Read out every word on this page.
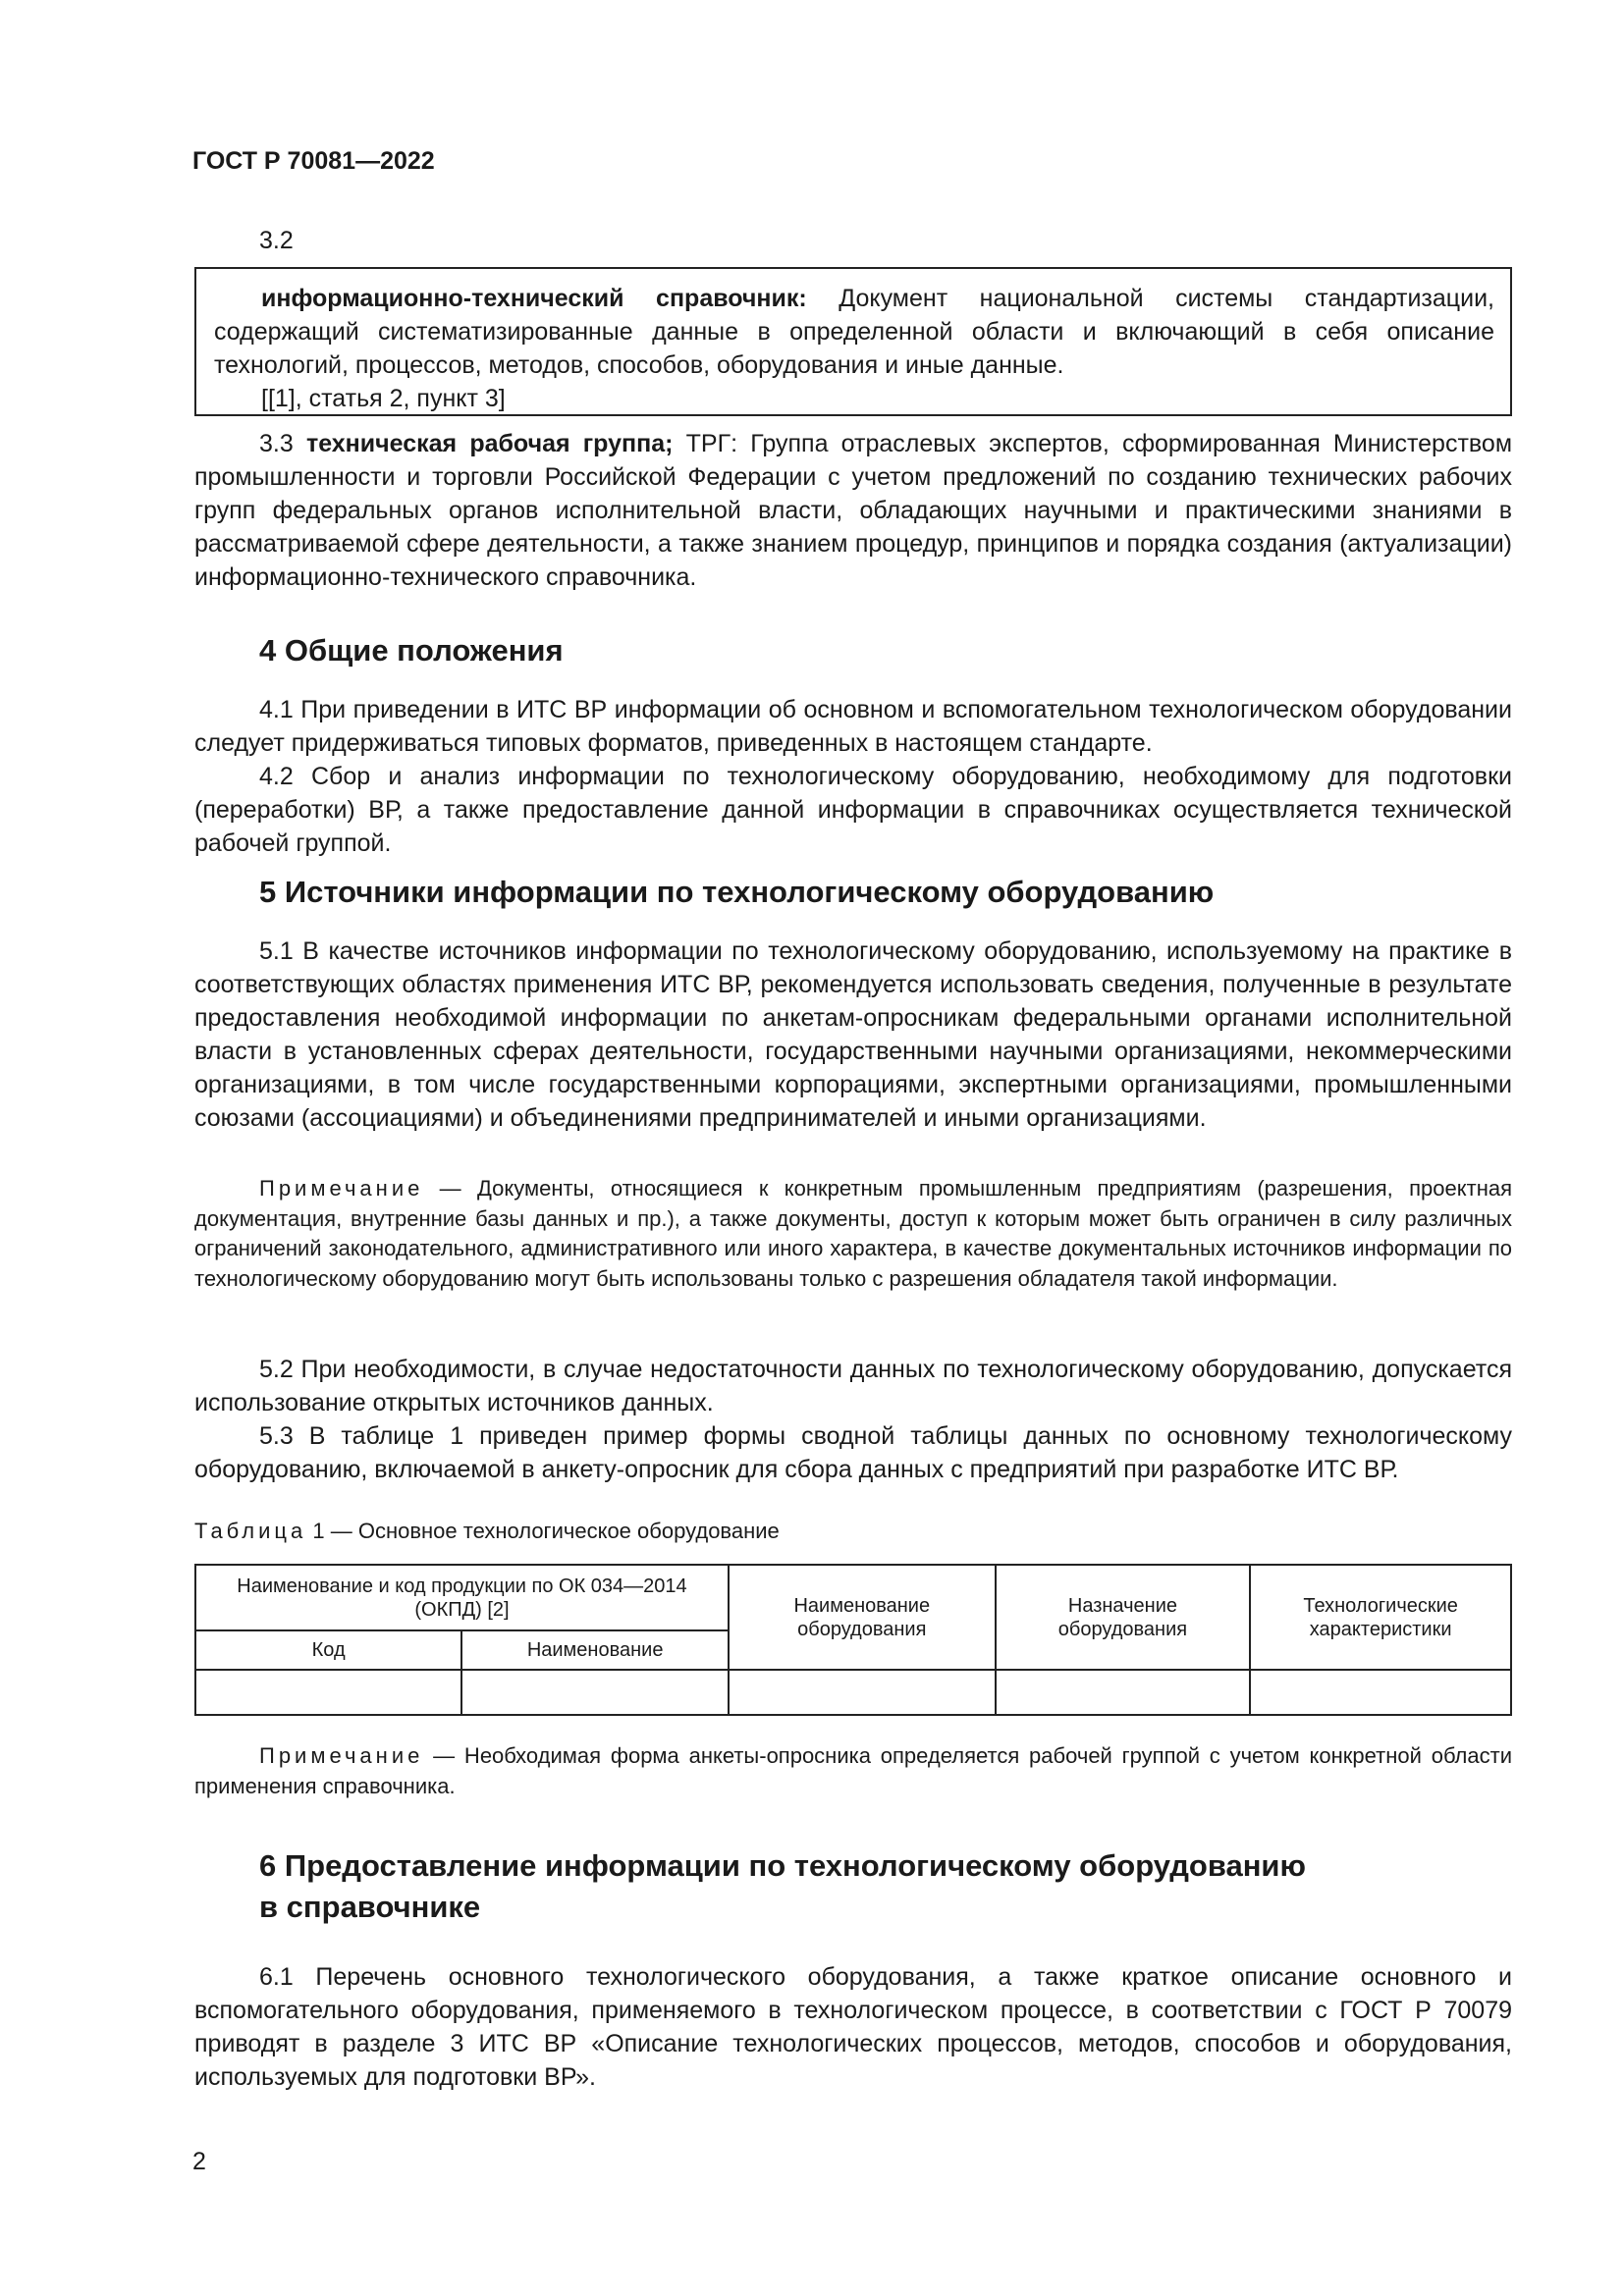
ГОСТ Р 70081—2022
3.2
информационно-технический справочник: Документ национальной системы стандартизации, содержащий систематизированные данные в определенной области и включающий в себя описание технологий, процессов, методов, способов, оборудования и иные данные.
[[1], статья 2, пункт 3]

3.3 техническая рабочая группа; ТРГ: Группа отраслевых экспертов, сформированная Министерством промышленности и торговли Российской Федерации с учетом предложений по созданию технических рабочих групп федеральных органов исполнительной власти, обладающих научными и практическими знаниями в рассматриваемой сфере деятельности, а также знанием процедур, принципов и порядка создания (актуализации) информационно-технического справочника.

4 Общие положения

4.1 При приведении в ИТС ВР информации об основном и вспомогательном технологическом оборудовании следует придерживаться типовых форматов, приведенных в настоящем стандарте.

4.2 Сбор и анализ информации по технологическому оборудованию, необходимому для подготовки (переработки) ВР, а также предоставление данной информации в справочниках осуществляется технической рабочей группой.

5 Источники информации по технологическому оборудованию

5.1 В качестве источников информации по технологическому оборудованию, используемому на практике в соответствующих областях применения ИТС ВР, рекомендуется использовать сведения, полученные в результате предоставления необходимой информации по анкетам-опросникам федеральными органами исполнительной власти в установленных сферах деятельности, государственными научными организациями, некоммерческими организациями, в том числе государственными корпорациями, экспертными организациями, промышленными союзами (ассоциациями) и объединениями предпринимателей и иными организациями.

Примечание — Документы, относящиеся к конкретным промышленным предприятиям (разрешения, проектная документация, внутренние базы данных и пр.), а также документы, доступ к которым может быть ограничен в силу различных ограничений законодательного, административного или иного характера, в качестве документальных источников информации по технологическому оборудованию могут быть использованы только с разрешения обладателя такой информации.

5.2 При необходимости, в случае недостаточности данных по технологическому оборудованию, допускается использование открытых источников данных.

5.3 В таблице 1 приведен пример формы сводной таблицы данных по основному технологическому оборудованию, включаемой в анкету-опросник для сбора данных с предприятий при разработке ИТС ВР.

Таблица 1 — Основное технологическое оборудование
Наименование и код продукции по ОК 034—2014 (ОКПД) [2]		Наименование оборудования	Назначение оборудования	Технологические характеристики
Код	Наименование			

Примечание — Необходимая форма анкеты-опросника определяется рабочей группой с учетом конкретной области применения справочника.

6 Предоставление информации по технологическому оборудованию
в справочнике

6.1 Перечень основного технологического оборудования, а также краткое описание основного и вспомогательного оборудования, применяемого в технологическом процессе, в соответствии с ГОСТ Р 70079 приводят в разделе 3 ИТС ВР «Описание технологических процессов, методов, способов и оборудования, используемых для подготовки ВР».

2
